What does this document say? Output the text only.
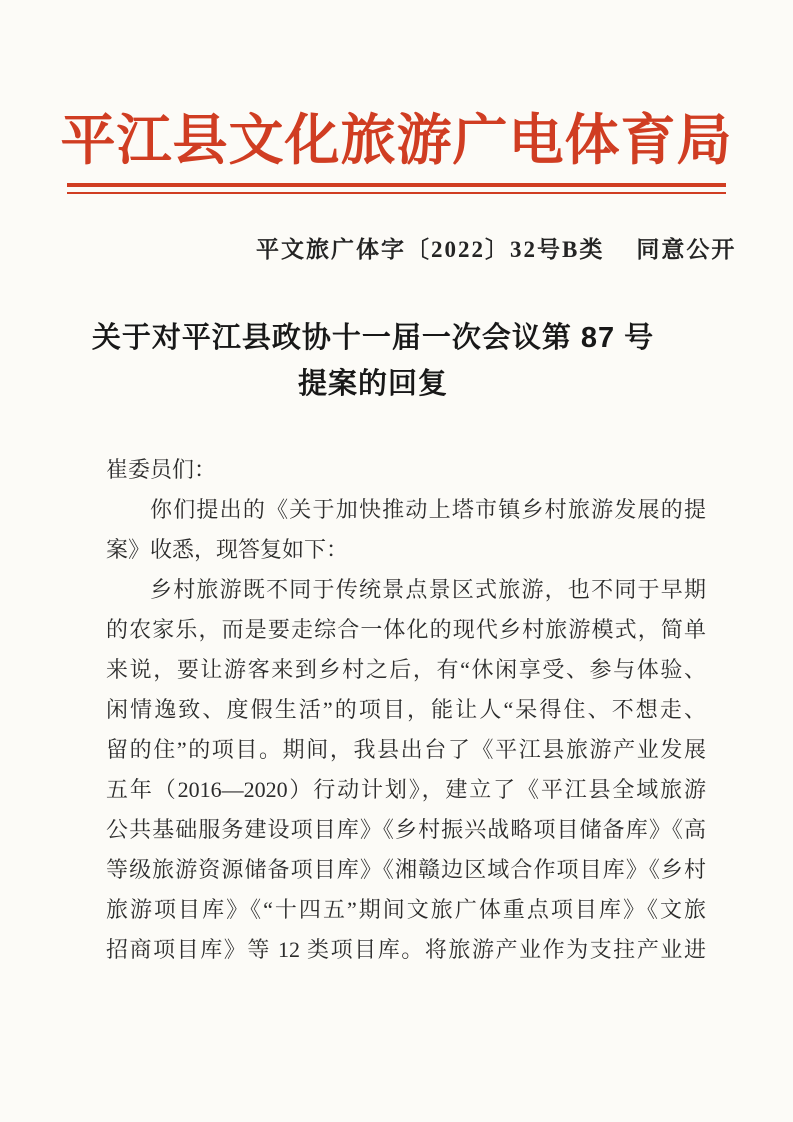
平江县文化旅游广电体育局
平文旅广体字〔2022〕32号B类 同意公开
关于对平江县政协十一届一次会议第 87 号
提案的回复
崔委员们：
你们提出的《关于加快推动上塔市镇乡村旅游发展的提
案》收悉，现答复如下：
乡村旅游既不同于传统景点景区式旅游，也不同于早期
的农家乐，而是要走综合一体化的现代乡村旅游模式，简单
来说，要让游客来到乡村之后，有“休闲享受、参与体验、
闲情逸致、度假生活”的项目，能让人“呆得住、不想走、
留的住”的项目。期间，我县出台了《平江县旅游产业发展
五年（2016—2020）行动计划》，建立了《平江县全域旅游
公共基础服务建设项目库》《乡村振兴战略项目储备库》《高
等级旅游资源储备项目库》《湘赣边区域合作项目库》《乡村
旅游项目库》《“十四五”期间文旅广体重点项目库》《文旅
招商项目库》等 12 类项目库。将旅游产业作为支拄产业进
